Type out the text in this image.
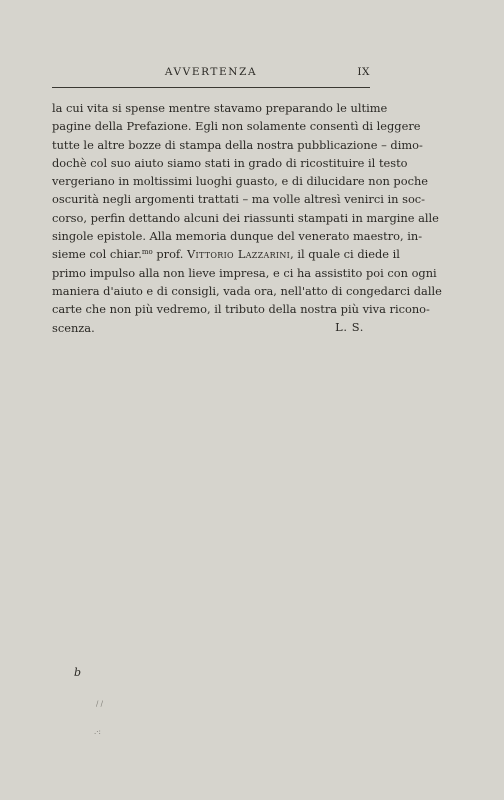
AVVERTENZA	IX
la cui vita si spense mentre stavamo preparando le ultime
pagine della Prefazione. Egli non solamente consentì di leggere
tutte le altre bozze di stampa della nostra pubblicazione – dimo-
dochè col suo aiuto siamo stati in grado di ricostituire il testo
vergeriano in moltissimi luoghi guasto, e di dilucidare non poche
oscurità negli argomenti trattati – ma volle altresì venirci in soc-
corso, perfin dettando alcuni dei riassunti stampati in margine alle
singole epistole. Alla memoria dunque del venerato maestro, in-
sieme col chiar.$^{mo}$ prof. Vittorio Lazzarini, il quale ci diede il
primo impulso alla non lieve impresa, e ci ha assistito poi con ogni
maniera d'aiuto e di consigli, vada ora, nell'atto di congedarci dalle
carte che non più vedremo, il tributo della nostra più viva ricono-
scenza.	L. S.
b
/ /
.·:
